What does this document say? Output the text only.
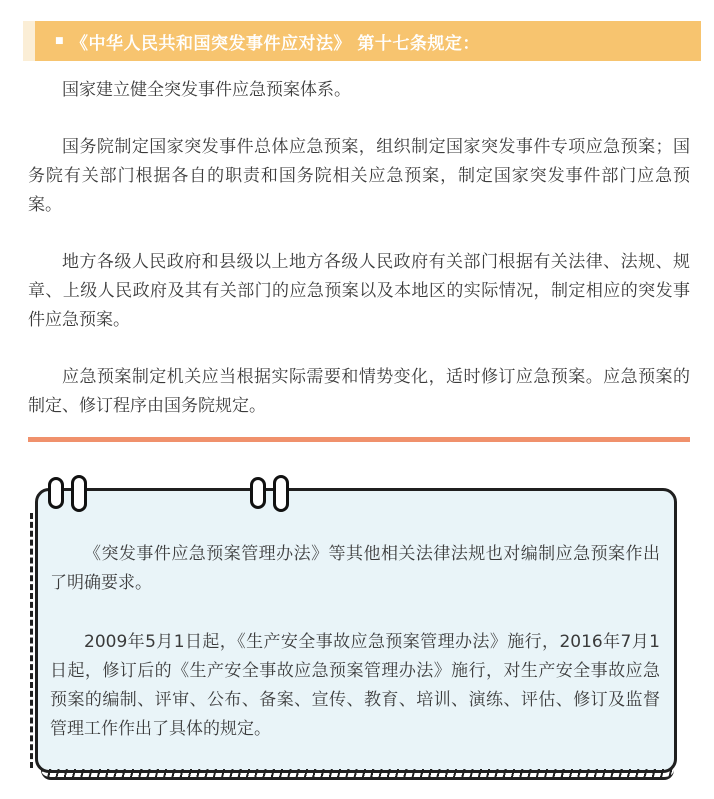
■ 《中华人民共和国突发事件应对法》 第十七条规定：

国家建立健全突发事件应急预案体系。

国务院制定国家突发事件总体应急预案，组织制定国家突发事件专项应急预案；国务院有关部门根据各自的职责和国务院相关应急预案，制定国家突发事件部门应急预案。

地方各级人民政府和县级以上地方各级人民政府有关部门根据有关法律、法规、规章、上级人民政府及其有关部门的应急预案以及本地区的实际情况，制定相应的突发事件应急预案。

应急预案制定机关应当根据实际需要和情势变化，适时修订应急预案。应急预案的制定、修订程序由国务院规定。

《突发事件应急预案管理办法》等其他相关法律法规也对编制应急预案作出了明确要求。

2009年5月1日起，《生产安全事故应急预案管理办法》施行，2016年7月1日起，修订后的《生产安全事故应急预案管理办法》施行，对生产安全事故应急预案的编制、评审、公布、备案、宣传、教育、培训、演练、评估、修订及监督管理工作作出了具体的规定。
